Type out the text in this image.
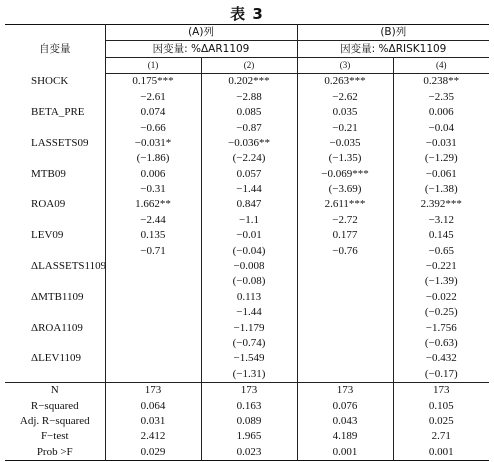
表 3
自变量	(A)列		(B)列	
	因变量: %ΔAR1109		因变量: %ΔRISK1109	
	(1)	(2)	(3)	(4)
SHOCK	0.175***	0.202***	0.263***	0.238**
	−2.61	−2.88	−2.62	−2.35
BETA_PRE	0.074	0.085	0.035	0.006
	−0.66	−0.87	−0.21	−0.04
LASSETS09	−0.031*	−0.036**	−0.035	−0.031
	(−1.86)	(−2.24)	(−1.35)	(−1.29)
MTB09	0.006	0.057	−0.069***	−0.061
	−0.31	−1.44	(−3.69)	(−1.38)
ROA09	1.662**	0.847	2.611***	2.392***
	−2.44	−1.1	−2.72	−3.12
LEV09	0.135	−0.01	0.177	0.145
	−0.71	(−0.04)	−0.76	−0.65
ΔLASSETS1109		−0.008		−0.221
		(−0.08)		(−1.39)
ΔMTB1109		0.113		−0.022
		−1.44		(−0.25)
ΔROA1109		−1.179		−1.756
		(−0.74)		(−0.63)
ΔLEV1109		−1.549		−0.432
		(−1.31)		(−0.17)
N	173	173	173	173
R−squared	0.064	0.163	0.076	0.105
Adj. R−squared	0.031	0.089	0.043	0.025
F−test	2.412	1.965	4.189	2.71
Prob >F	0.029	0.023	0.001	0.001
